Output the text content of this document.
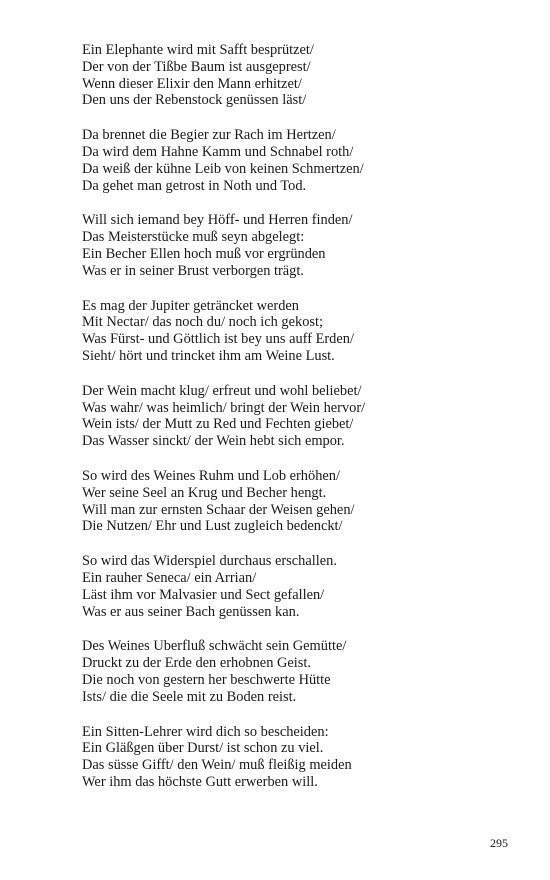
Ein Elephante wird mit Safft besprützet/
Der von der Tißbe Baum ist ausgeprest/
Wenn dieser Elixir den Mann erhitzet/
Den uns der Rebenstock genüssen läst/
Da brennet die Begier zur Rach im Hertzen/
Da wird dem Hahne Kamm und Schnabel roth/
Da weiß der kühne Leib von keinen Schmertzen/
Da gehet man getrost in Noth und Tod.
Will sich iemand bey Höff- und Herren finden/
Das Meisterstücke muß seyn abgelegt:
Ein Becher Ellen hoch muß vor ergründen
Was er in seiner Brust verborgen trägt.
Es mag der Jupiter geträncket werden
Mit Nectar/ das noch du/ noch ich gekost;
Was Fürst- und Göttlich ist bey uns auff Erden/
Sieht/ hört und trincket ihm am Weine Lust.
Der Wein macht klug/ erfreut und wohl beliebet/
Was wahr/ was heimlich/ bringt der Wein hervor/
Wein ists/ der Mutt zu Red und Fechten giebet/
Das Wasser sinckt/ der Wein hebt sich empor.
So wird des Weines Ruhm und Lob erhöhen/
Wer seine Seel an Krug und Becher hengt.
Will man zur ernsten Schaar der Weisen gehen/
Die Nutzen/ Ehr und Lust zugleich bedenckt/
So wird das Widerspiel durchaus erschallen.
Ein rauher Seneca/ ein Arrian/
Läst ihm vor Malvasier und Sect gefallen/
Was er aus seiner Bach genüssen kan.
Des Weines Uberfluß schwächt sein Gemütte/
Druckt zu der Erde den erhobnen Geist.
Die noch von gestern her beschwerte Hütte
Ists/ die die Seele mit zu Boden reist.
Ein Sitten-Lehrer wird dich so bescheiden:
Ein Gläßgen über Durst/ ist schon zu viel.
Das süsse Gifft/ den Wein/ muß fleißig meiden
Wer ihm das höchste Gutt erwerben will.
295
